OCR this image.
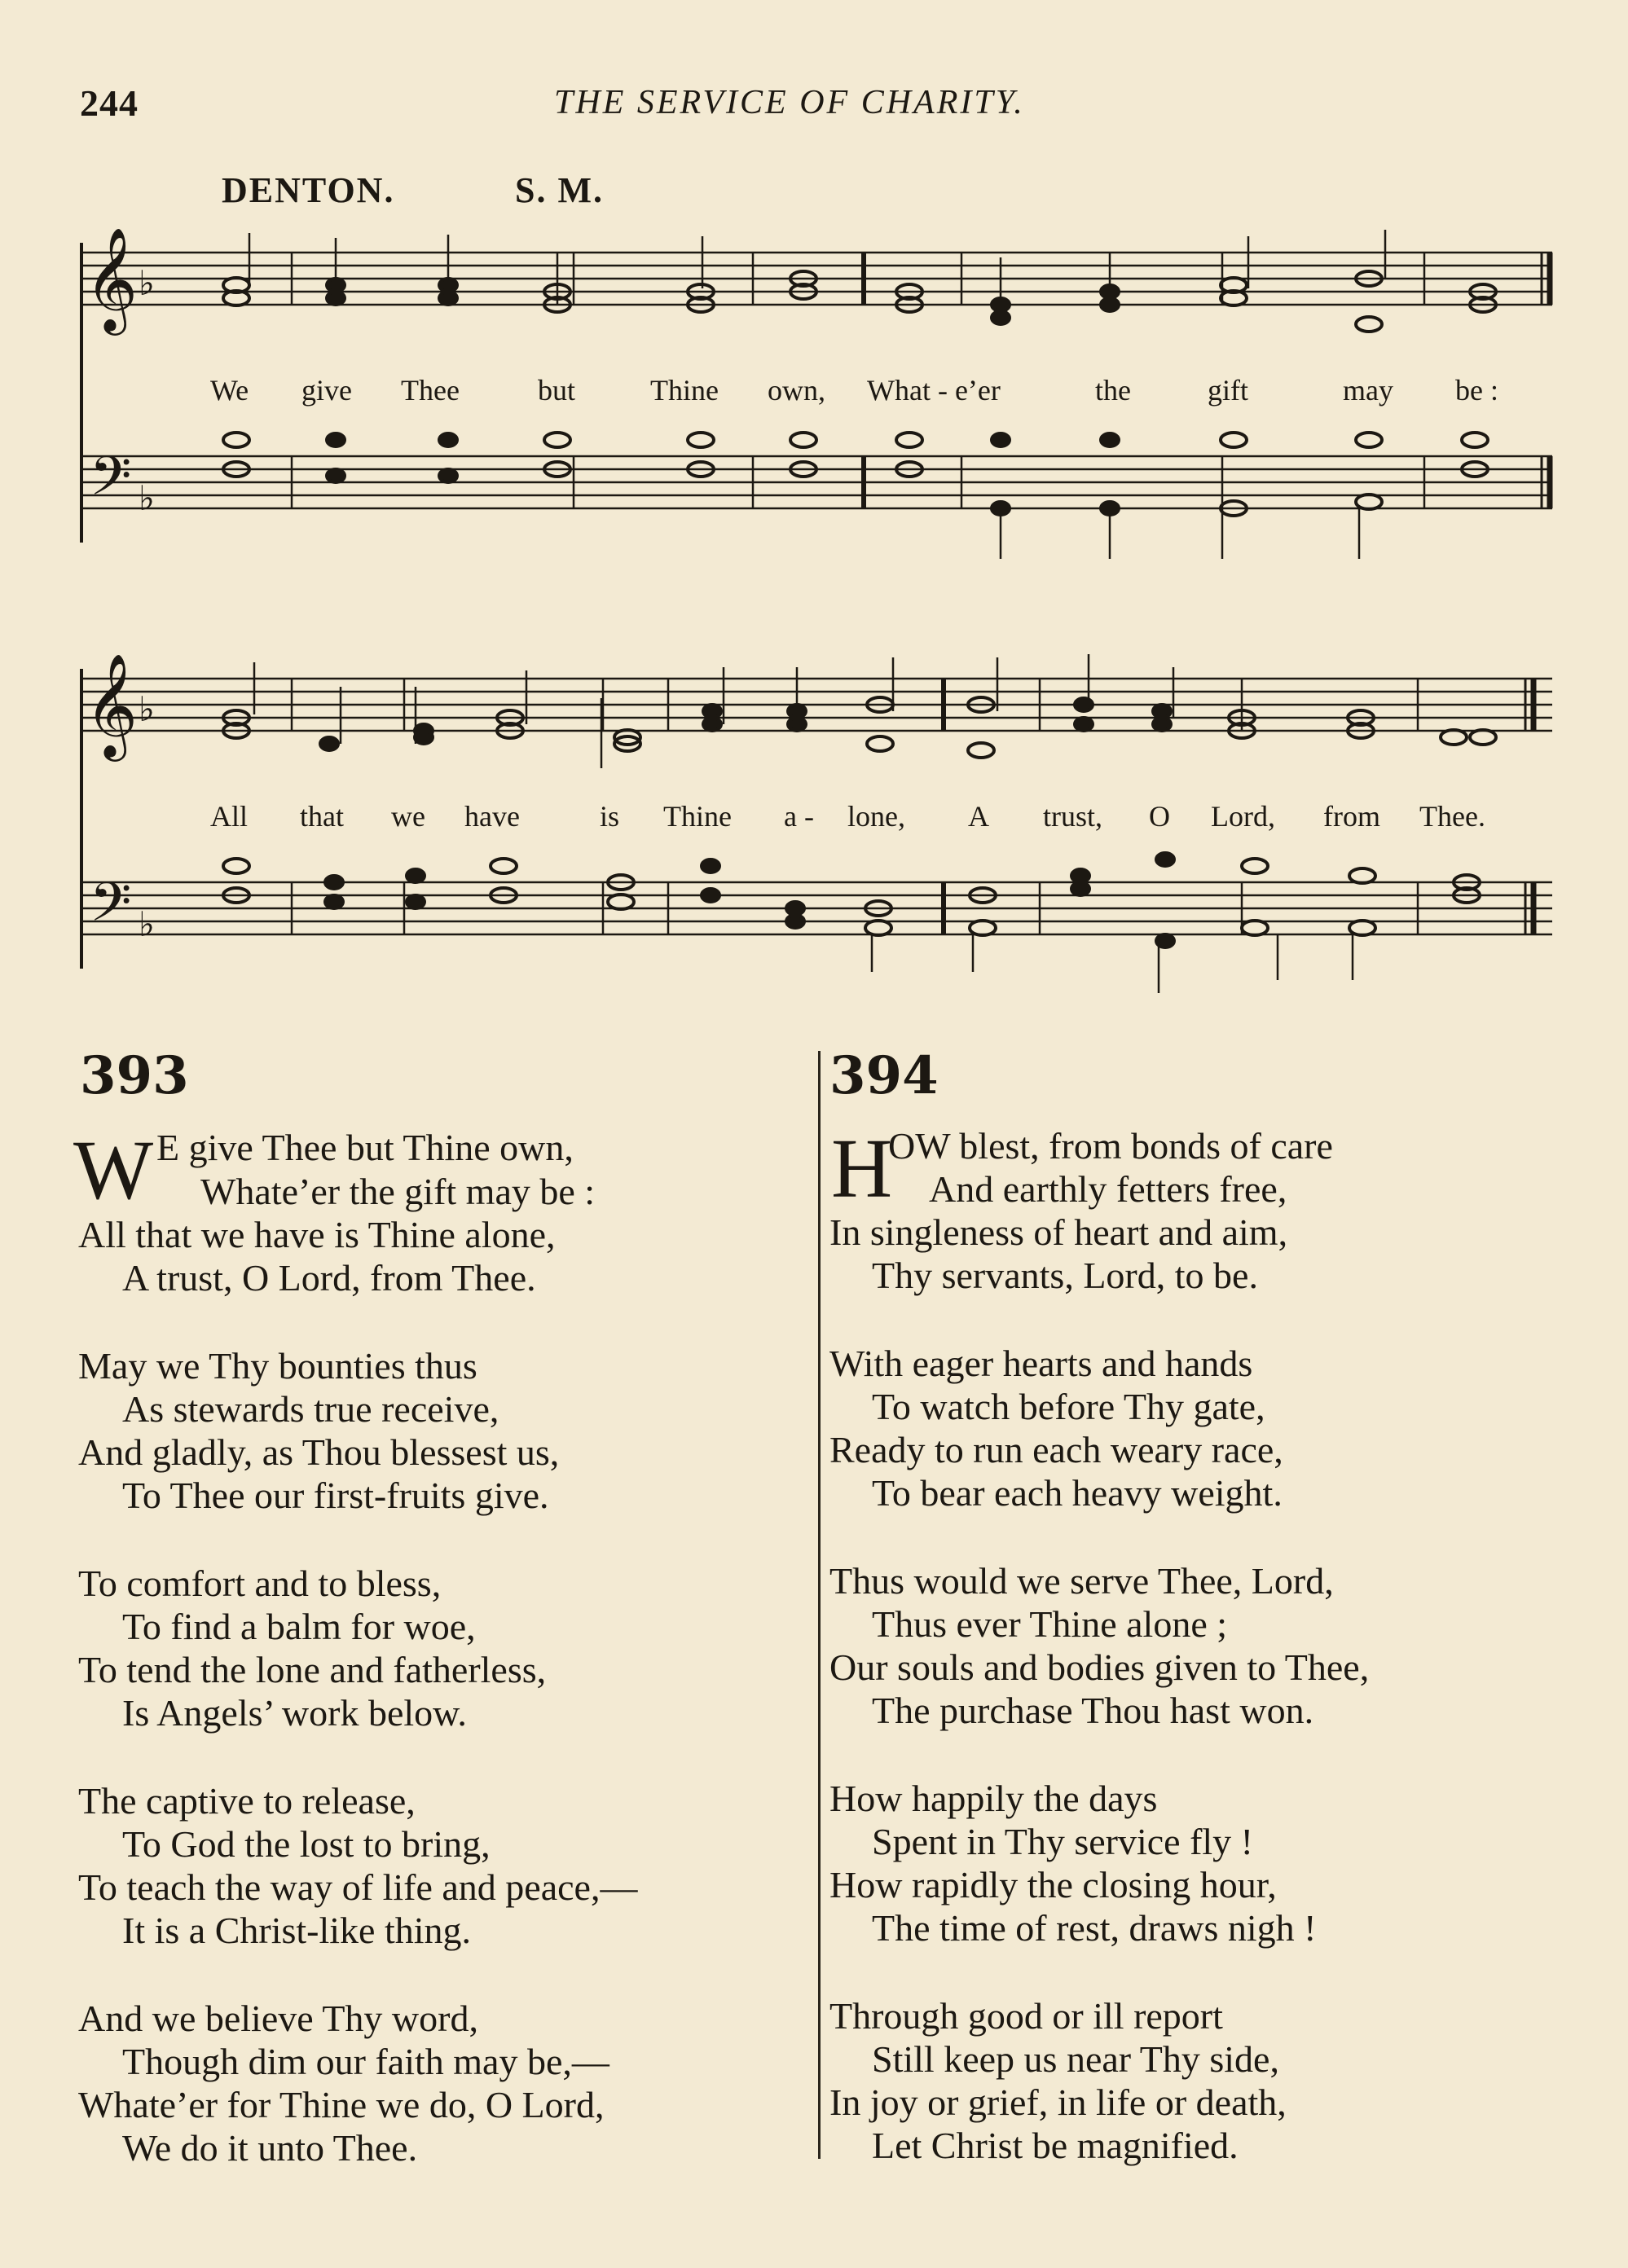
244	THE SERVICE OF CHARITY.
DENTON.	S. M.
𝄞
𝄢
♭
♭
We give Thee	but	Thine own, What - e’er	the	gift	may be :
𝄞
𝄢
♭
♭
All that we have	is Thine a - lone, A trust, O Lord, from Thee.
393
W E give Thee but Thine own,
Whate’er the gift may be :
All that we have is Thine alone,
A trust, O Lord, from Thee.
May we Thy bounties thus
As stewards true receive,
And gladly, as Thou blessest us,
To Thee our first-fruits give.
To comfort and to bless,
To find a balm for woe,
To tend the lone and fatherless,
Is Angels’ work below.
The captive to release,
To God the lost to bring,
To teach the way of life and peace,—
It is a Christ-like thing.
And we believe Thy word,
Though dim our faith may be,—
Whate’er for Thine we do, O Lord,
We do it unto Thee.
394
H
OW blest, from bonds of care
And earthly fetters free,
In singleness of heart and aim,
Thy servants, Lord, to be.
With eager hearts and hands
To watch before Thy gate,
Ready to run each weary race,
To bear each heavy weight.
Thus would we serve Thee, Lord,
Thus ever Thine alone ;
Our souls and bodies given to Thee,
The purchase Thou hast won.
How happily the days
Spent in Thy service fly !
How rapidly the closing hour,
The time of rest, draws nigh !
Through good or ill report
Still keep us near Thy side,
In joy or grief, in life or death,
Let Christ be magnified.
